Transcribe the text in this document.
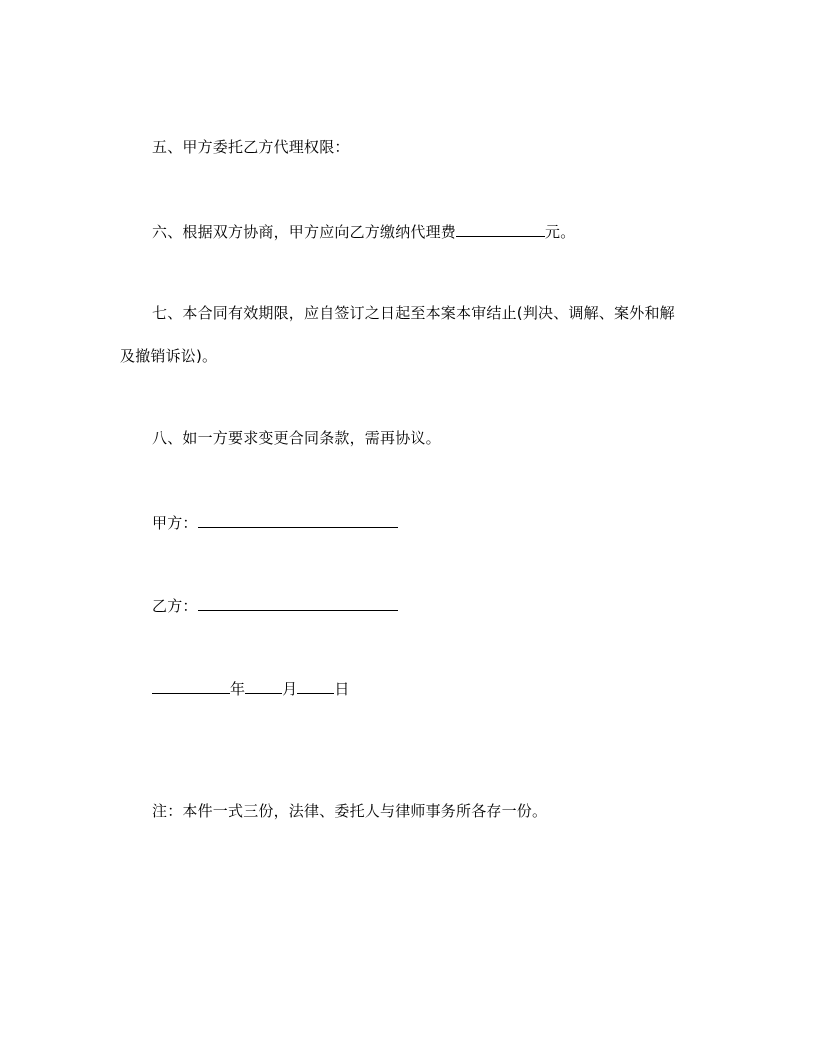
五、甲方委托乙方代理权限：
六、根据双方协商，甲方应向乙方缴纳代理费	元。
七、本合同有效期限，应自签订之日起至本案本审结止(判决、调解、案外和解
及撤销诉讼)。
八、如一方要求变更合同条款，需再协议。
甲方：
乙方：
年 月 日
注：本件一式三份，法律、委托人与律师事务所各存一份。
